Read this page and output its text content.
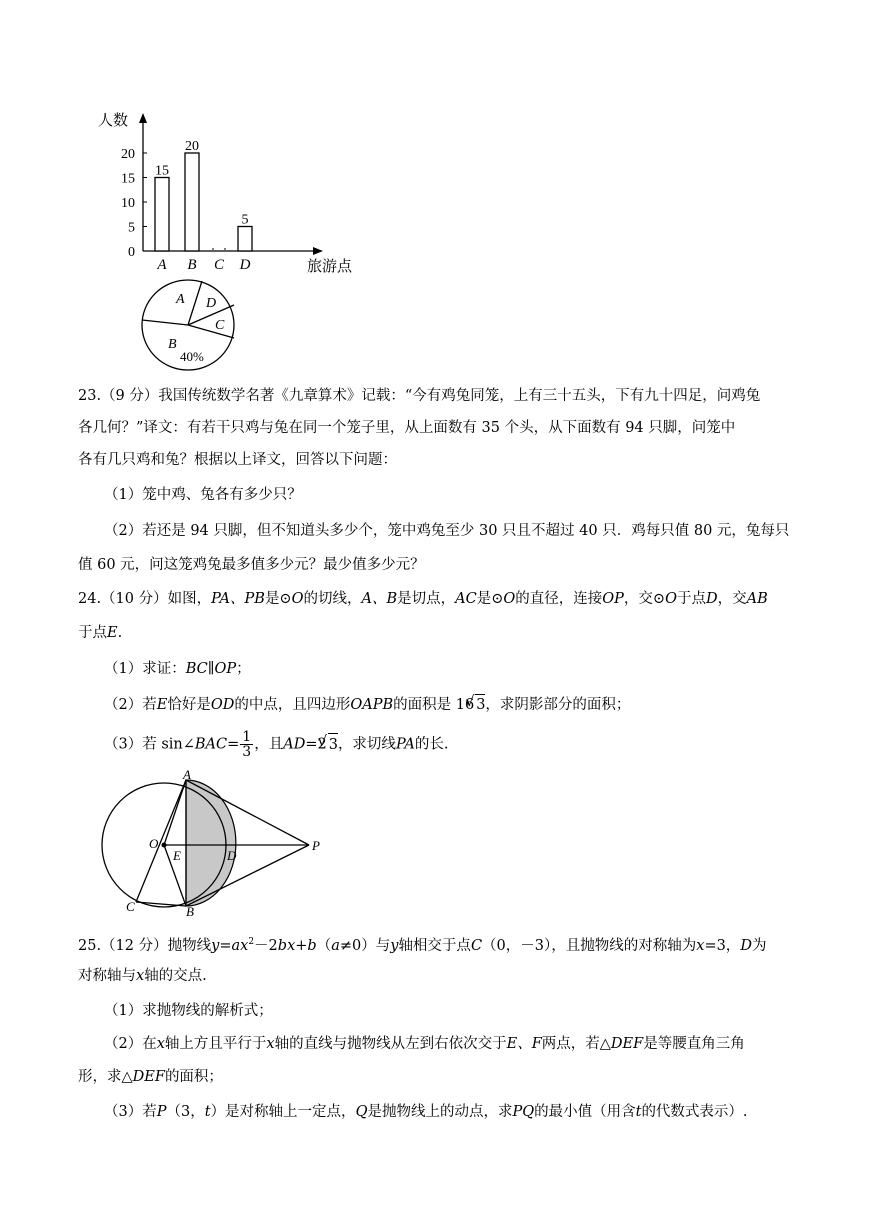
人数
旅游点
0
5
10
15
20
15
A
20
B C
5
D
A
B
C
D
40%
23.（9 分）我国传统数学名著《九章算术》记载：“今有鸡兔同笼，上有三十五头，下有九十四足，问鸡兔
各几何？”译文：有若干只鸡与兔在同一个笼子里，从上面数有 35 个头，从下面数有 94 只脚，问笼中
各有几只鸡和兔？根据以上译文，回答以下问题：
（1）笼中鸡、兔各有多少只？
（2）若还是 94 只脚，但不知道头多少个，笼中鸡兔至少 30 只且不超过 40 只．鸡每只值 80 元，兔每只
值 60 元，问这笼鸡兔最多值多少元？最少值多少元？
24.（10 分）如图，PA、PB是⊙O的切线，A、B是切点，AC是⊙O的直径，连接OP，交⊙O于点D，交AB
于点E.
（1）求证：BC∥OP；
（2）若E恰好是OD的中点，且四边形OAPB的面积是 16 √ 3，求阴影部分的面积；
（3）若 sin∠BAC= $\frac{1}{3}$ ，且AD=2 √ 3，求切线PA的长.
A
O
E	D
P
C	B
25.（12 分）抛物线$y=ax^2-2bx+b(a\ne 0)$与y轴相交于点C（0，－3），且抛物线的对称轴为x=3，D为
对称轴与x轴的交点.
（1）求抛物线的解析式；
（2）在x轴上方且平行于x轴的直线与抛物线从左到右依次交于E、F两点，若△DEF是等腰直角三角
形，求△DEF的面积；
（3）若P（3，t）是对称轴上一定点，Q是抛物线上的动点，求PQ的最小值（用含t的代数式表示）.
